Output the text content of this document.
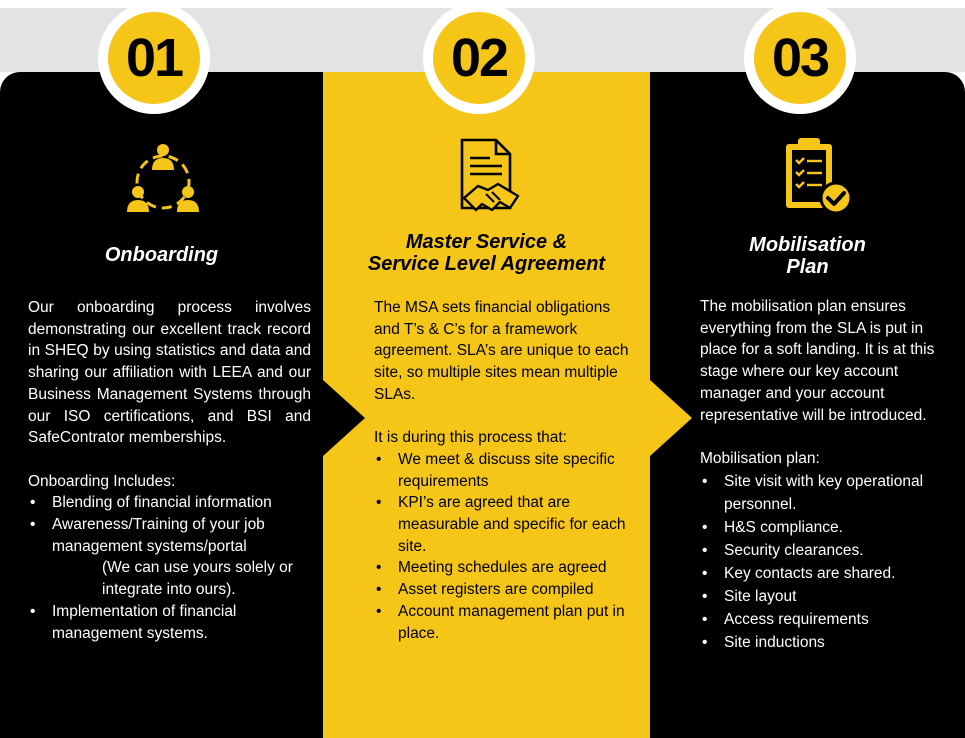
Onboarding

Our onboarding process involves demonstrating our excellent track record in SHEQ by using statistics and data and sharing our affiliation with LEEA and our Business Management Systems through our ISO certifications, and BSI and SafeContrator memberships.

Onboarding Includes:

• Blending of financial information
• Awareness/Training of your job management systems/portal
(We can use yours solely or integrate into ours).
• Implementation of financial management systems.
Master Service &
Service Level Agreement

The MSA sets financial obligations and T’s & C’s for a framework agreement. SLA’s are unique to each site, so multiple sites mean multiple SLAs.

It is during this process that:

• We meet & discuss site specific requirements
• KPI’s are agreed that are measurable and specific for each site.
• Meeting schedules are agreed
• Asset registers are compiled
• Account management plan put in place.
Mobilisation
Plan

The mobilisation plan ensures everything from the SLA is put in place for a soft landing. It is at this stage where our key account manager and your account representative will be introduced.

Mobilisation plan:

• Site visit with key operational personnel.
• H&S compliance.
• Security clearances.
• Key contacts are shared.
• Site layout
• Access requirements
• Site inductions
01	02	03
